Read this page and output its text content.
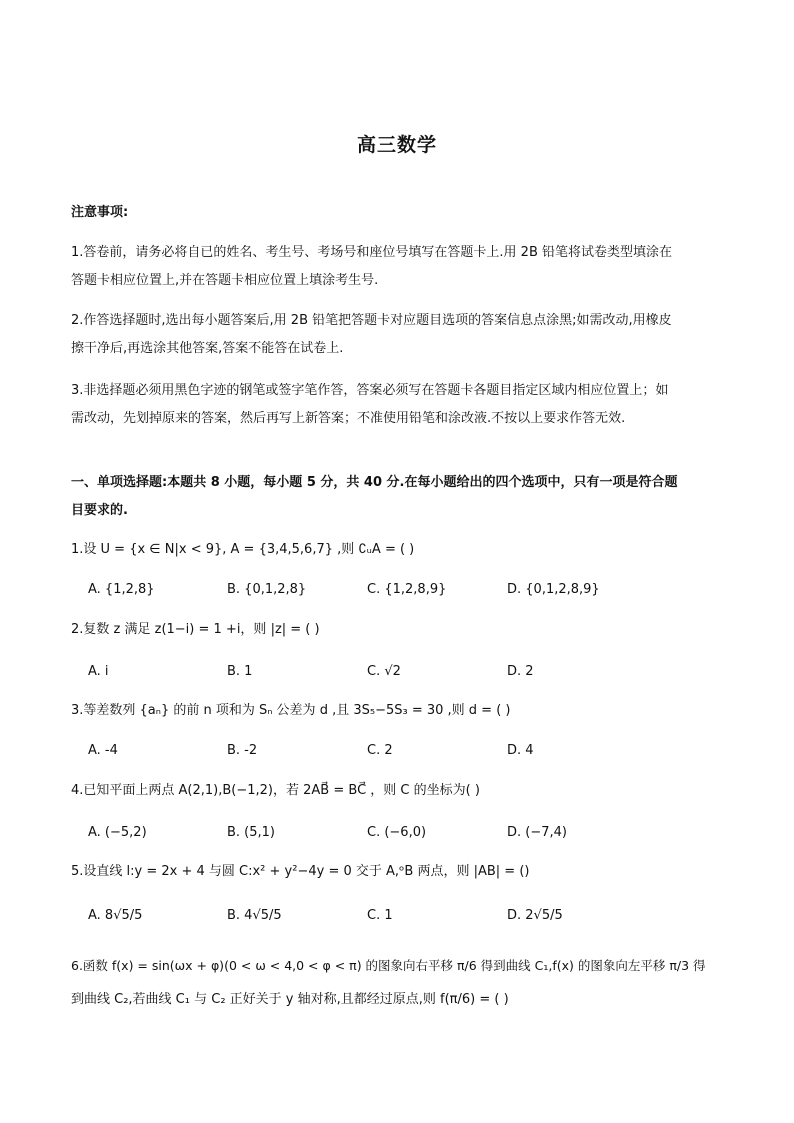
高三数学
注意事项:
1.答卷前，请务必将自已的姓名、考生号、考场号和座位号填写在答题卡上.用 2B 铅笔将试卷类型填涂在
答题卡相应位置上,并在答题卡相应位置上填涂考生号.
2.作答选择题时,选出每小题答案后,用 2B 铅笔把答题卡对应题目选项的答案信息点涂黑;如需改动,用橡皮
擦干净后,再选涂其他答案,答案不能答在试卷上.
3.非选择题必须用黑色字迹的钢笔或签字笔作答，答案必须写在答题卡各题目指定区域内相应位置上；如
需改动，先划掉原来的答案，然后再写上新答案；不准使用铅笔和涂改液.不按以上要求作答无效.
一、单项选择题:本题共 8 小题，每小题 5 分，共 40 分.在每小题给出的四个选项中，只有一项是符合题
目要求的.
1.设 U = {x ∈ N|x < 9}, A = {3,4,5,6,7} ,则 ∁ᵤA = ( )
A. {1,2,8}	B. {0,1,2,8}	C. {1,2,8,9}	D. {0,1,2,8,9}
2.复数 z 满足 z(1−i) = 1 +i，则 |z| = ( )
A. i	B. 1	C. √2	D. 2
3.等差数列 {aₙ} 的前 n 项和为 Sₙ 公差为 d ,且 3S₅−5S₃ = 30 ,则 d = ( )
A. -4	B. -2	C. 2	D. 4
4.已知平面上两点 A(2,1),B(−1,2)，若 2AB⃗ = BC⃗ ，则 C 的坐标为( )
A. (−5,2)	B. (5,1)	C. (−6,0)	D. (−7,4)
5.设直线 l:y = 2x + 4 与圆 C:x² + y²−4y = 0 交于 A,ᵒB 两点，则 |AB| = ()
A. 8√5/5	B. 4√5/5	C. 1	D. 2√5/5
6.函数 f(x) = sin(ωx + φ)(0 < ω < 4,0 < φ < π) 的图象向右平移 π/6 得到曲线 C₁,f(x) 的图象向左平移 π/3 得
到曲线 C₂,若曲线 C₁ 与 C₂ 正好关于 y 轴对称,且都经过原点,则 f(π/6) = ( )
